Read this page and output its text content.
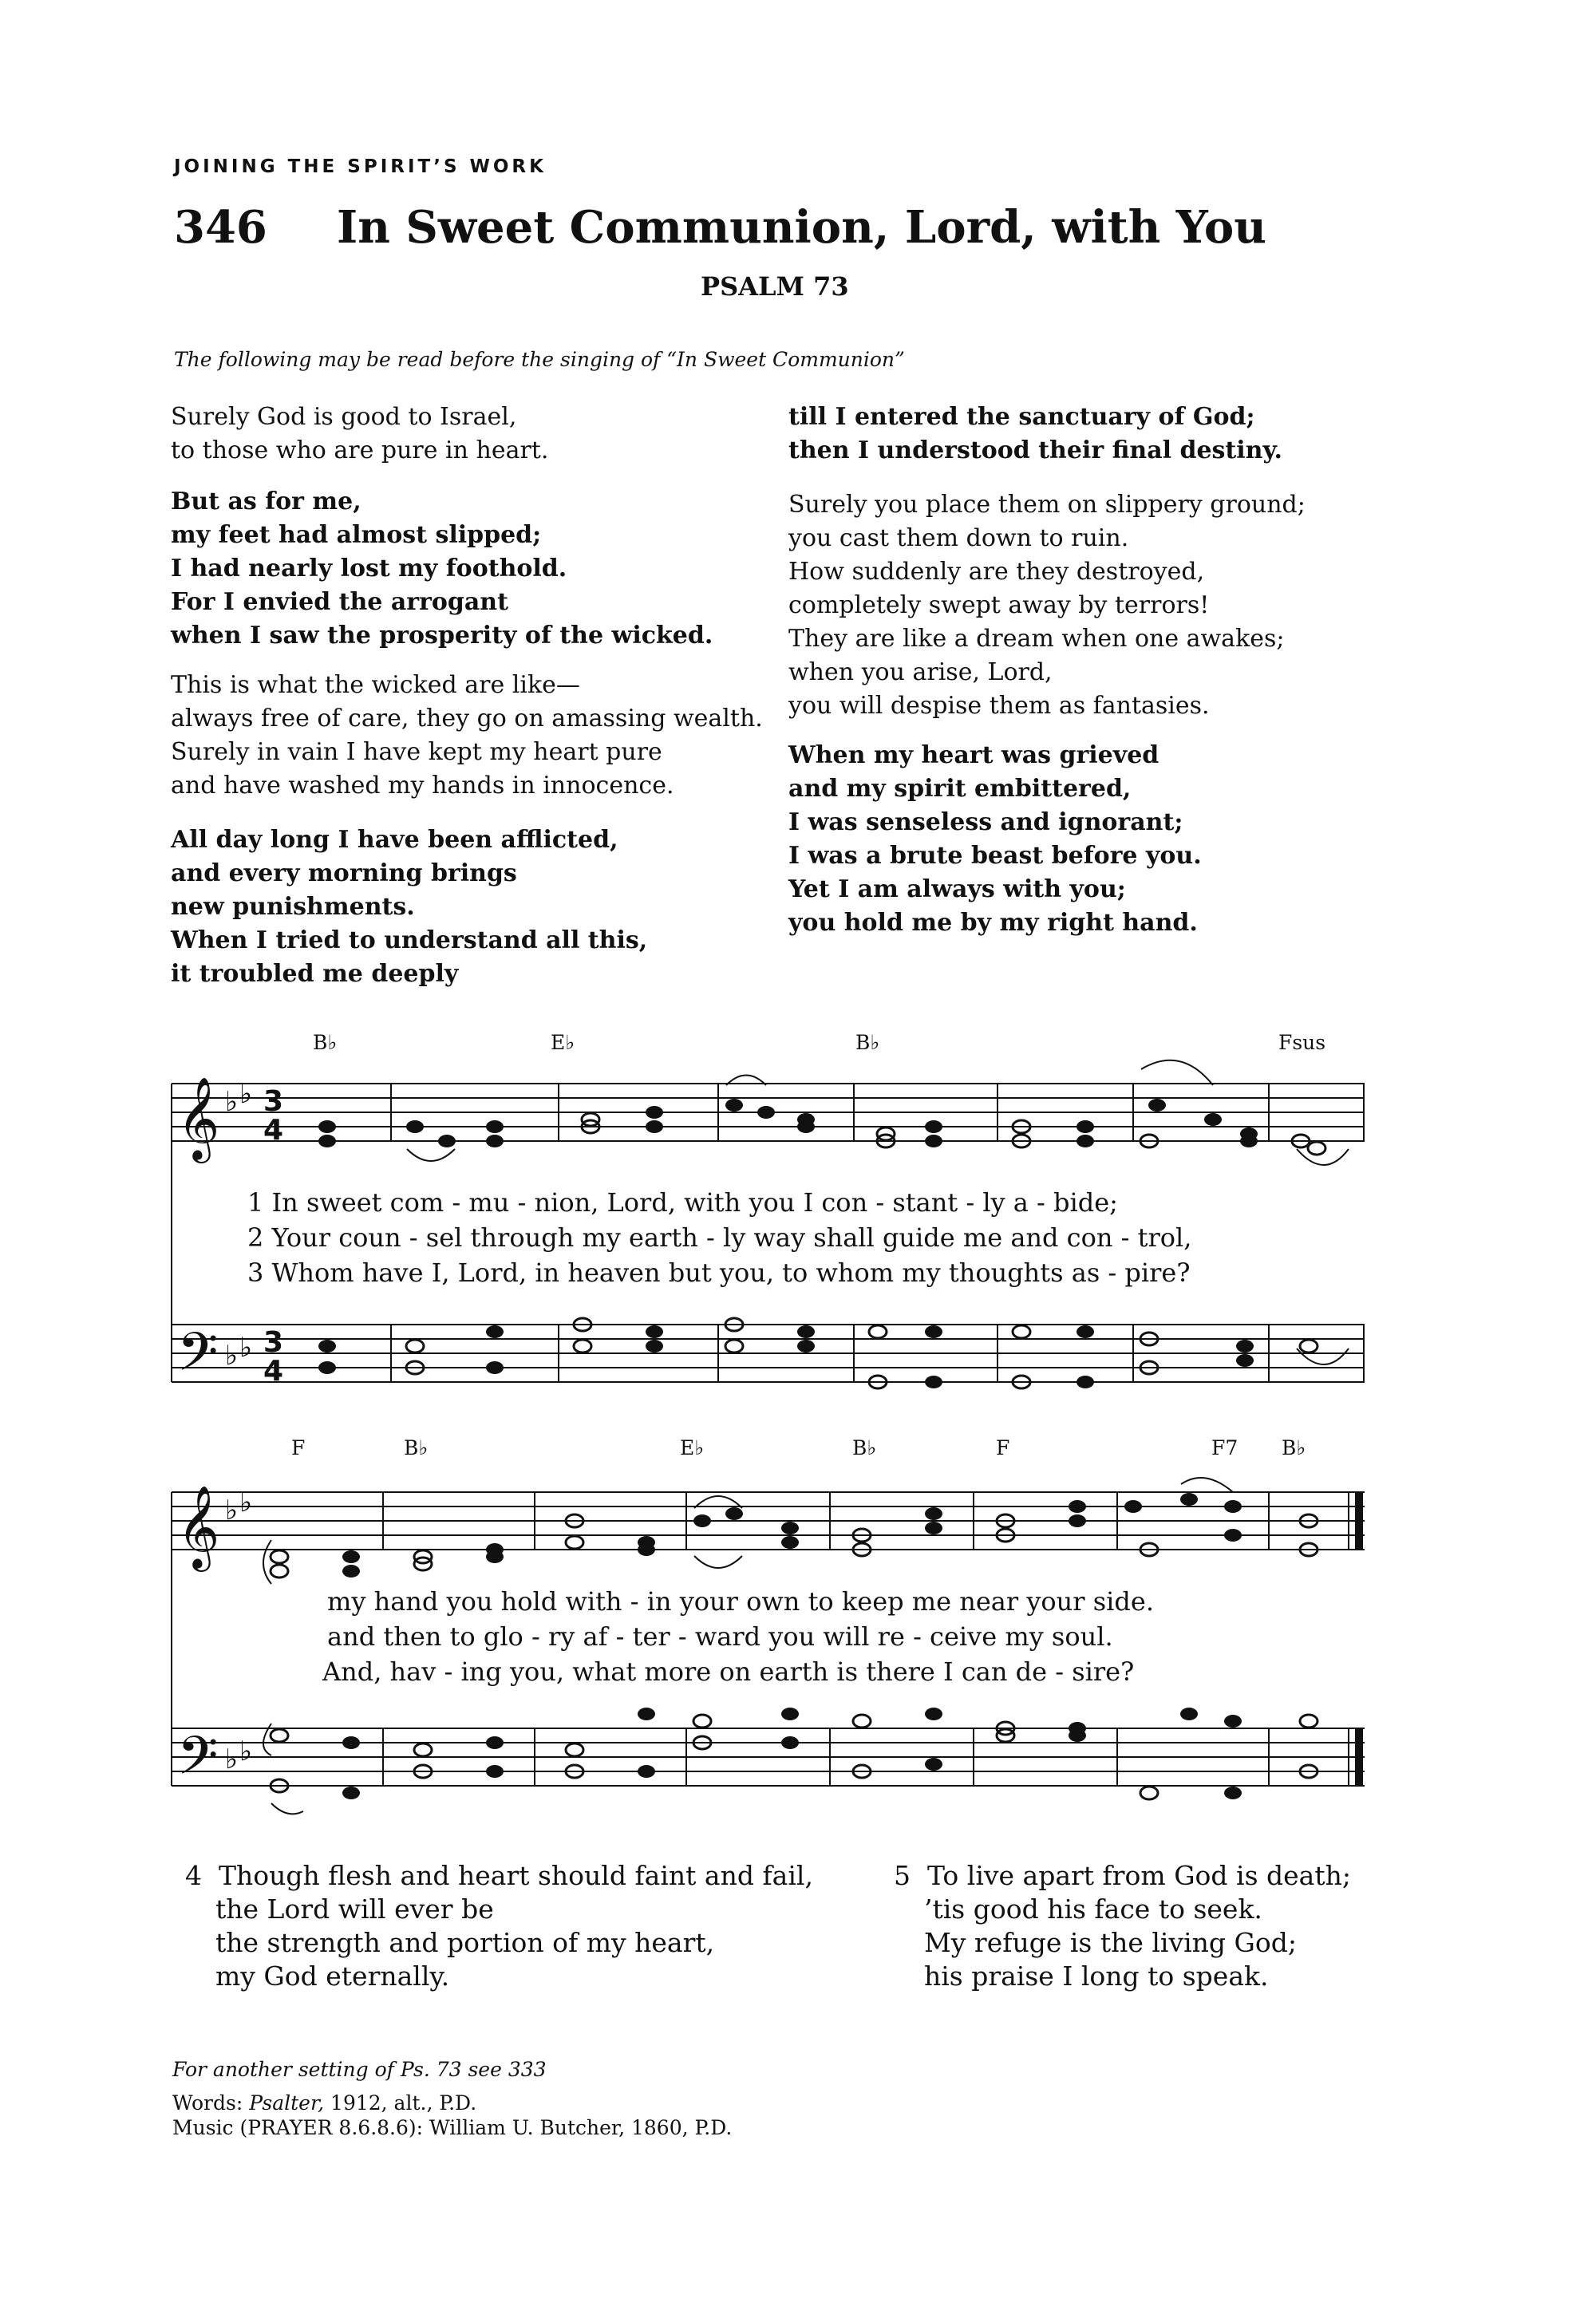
JOINING THE SPIRIT’S WORK
346 In Sweet Communion, Lord, with You
PSALM 73
The following may be read before the singing of “In Sweet Communion”
Surely God is good to Israel,
to those who are pure in heart.
But as for me,
my feet had almost slipped;
I had nearly lost my foothold.
For I envied the arrogant
when I saw the prosperity of the wicked.
This is what the wicked are like—
always free of care, they go on amassing wealth.
Surely in vain I have kept my heart pure
and have washed my hands in innocence.
All day long I have been afflicted,
and every morning brings
new punishments.
When I tried to understand all this,
it troubled me deeply
till I entered the sanctuary of God;
then I understood their final destiny.
Surely you place them on slippery ground;
you cast them down to ruin.
How suddenly are they destroyed,
completely swept away by terrors!
They are like a dream when one awakes;
when you arise, Lord,
you will despise them as fantasies.
When my heart was grieved
and my spirit embittered,
I was senseless and ignorant;
I was a brute beast before you.
Yet I am always with you;
you hold me by my right hand.
𝄞
𝄢
𝄞
𝄢
♭ ♭
♭ ♭
♭ ♭
♭ ♭
3
4
3
4
B♭	E♭	B♭	Fsus
1 In sweet com - mu - nion, Lord, with you I con - stant - ly a - bide;
2 Your coun - sel through my earth - ly way shall guide me and con - trol,
3 Whom have I, Lord, in heaven but you, to whom my thoughts as - pire?
F	B♭	E♭	B♭	F	F7 B♭
my hand you hold with - in your own to keep me near your side.
and then to glo - ry af - ter - ward you will re - ceive my soul.
And, hav - ing you, what more on earth is there I can de - sire?
4 Though flesh and heart should faint and fail,
the Lord will ever be
the strength and portion of my heart,
my God eternally.
5 To live apart from God is death;
’tis good his face to seek.
My refuge is the living God;
his praise I long to speak.
For another setting of Ps. 73 see 333
Words: Psalter, 1912, alt., P.D.
Music (PRAYER 8.6.8.6): William U. Butcher, 1860, P.D.
